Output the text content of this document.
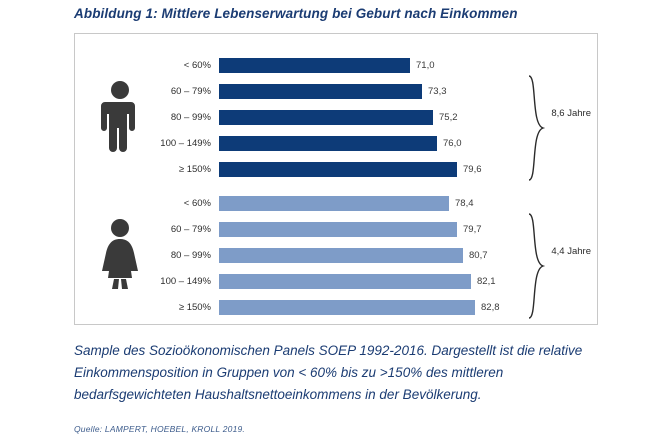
Abbildung 1: Mittlere Lebenserwartung bei Geburt nach Einkommen
< 60%	71,0
60 – 79%	73,3
80 – 99%	75,2
100 – 149%	76,0
≥ 150%	79,6
< 60%	78,4
60 – 79%	79,7
80 – 99%	80,7
100 – 149%	82,1
≥ 150%	82,8
8,6 Jahre
4,4 Jahre
Sample des Sozioökonomischen Panels SOEP 1992-2016. Dargestellt ist die relative Einkommensposition in Gruppen von < 60% bis zu >150% des mittleren bedarfsgewichteten Haushaltsnettoeinkommens in der Bevölkerung.
Quelle: LAMPERT, HOEBEL, KROLL 2019.
